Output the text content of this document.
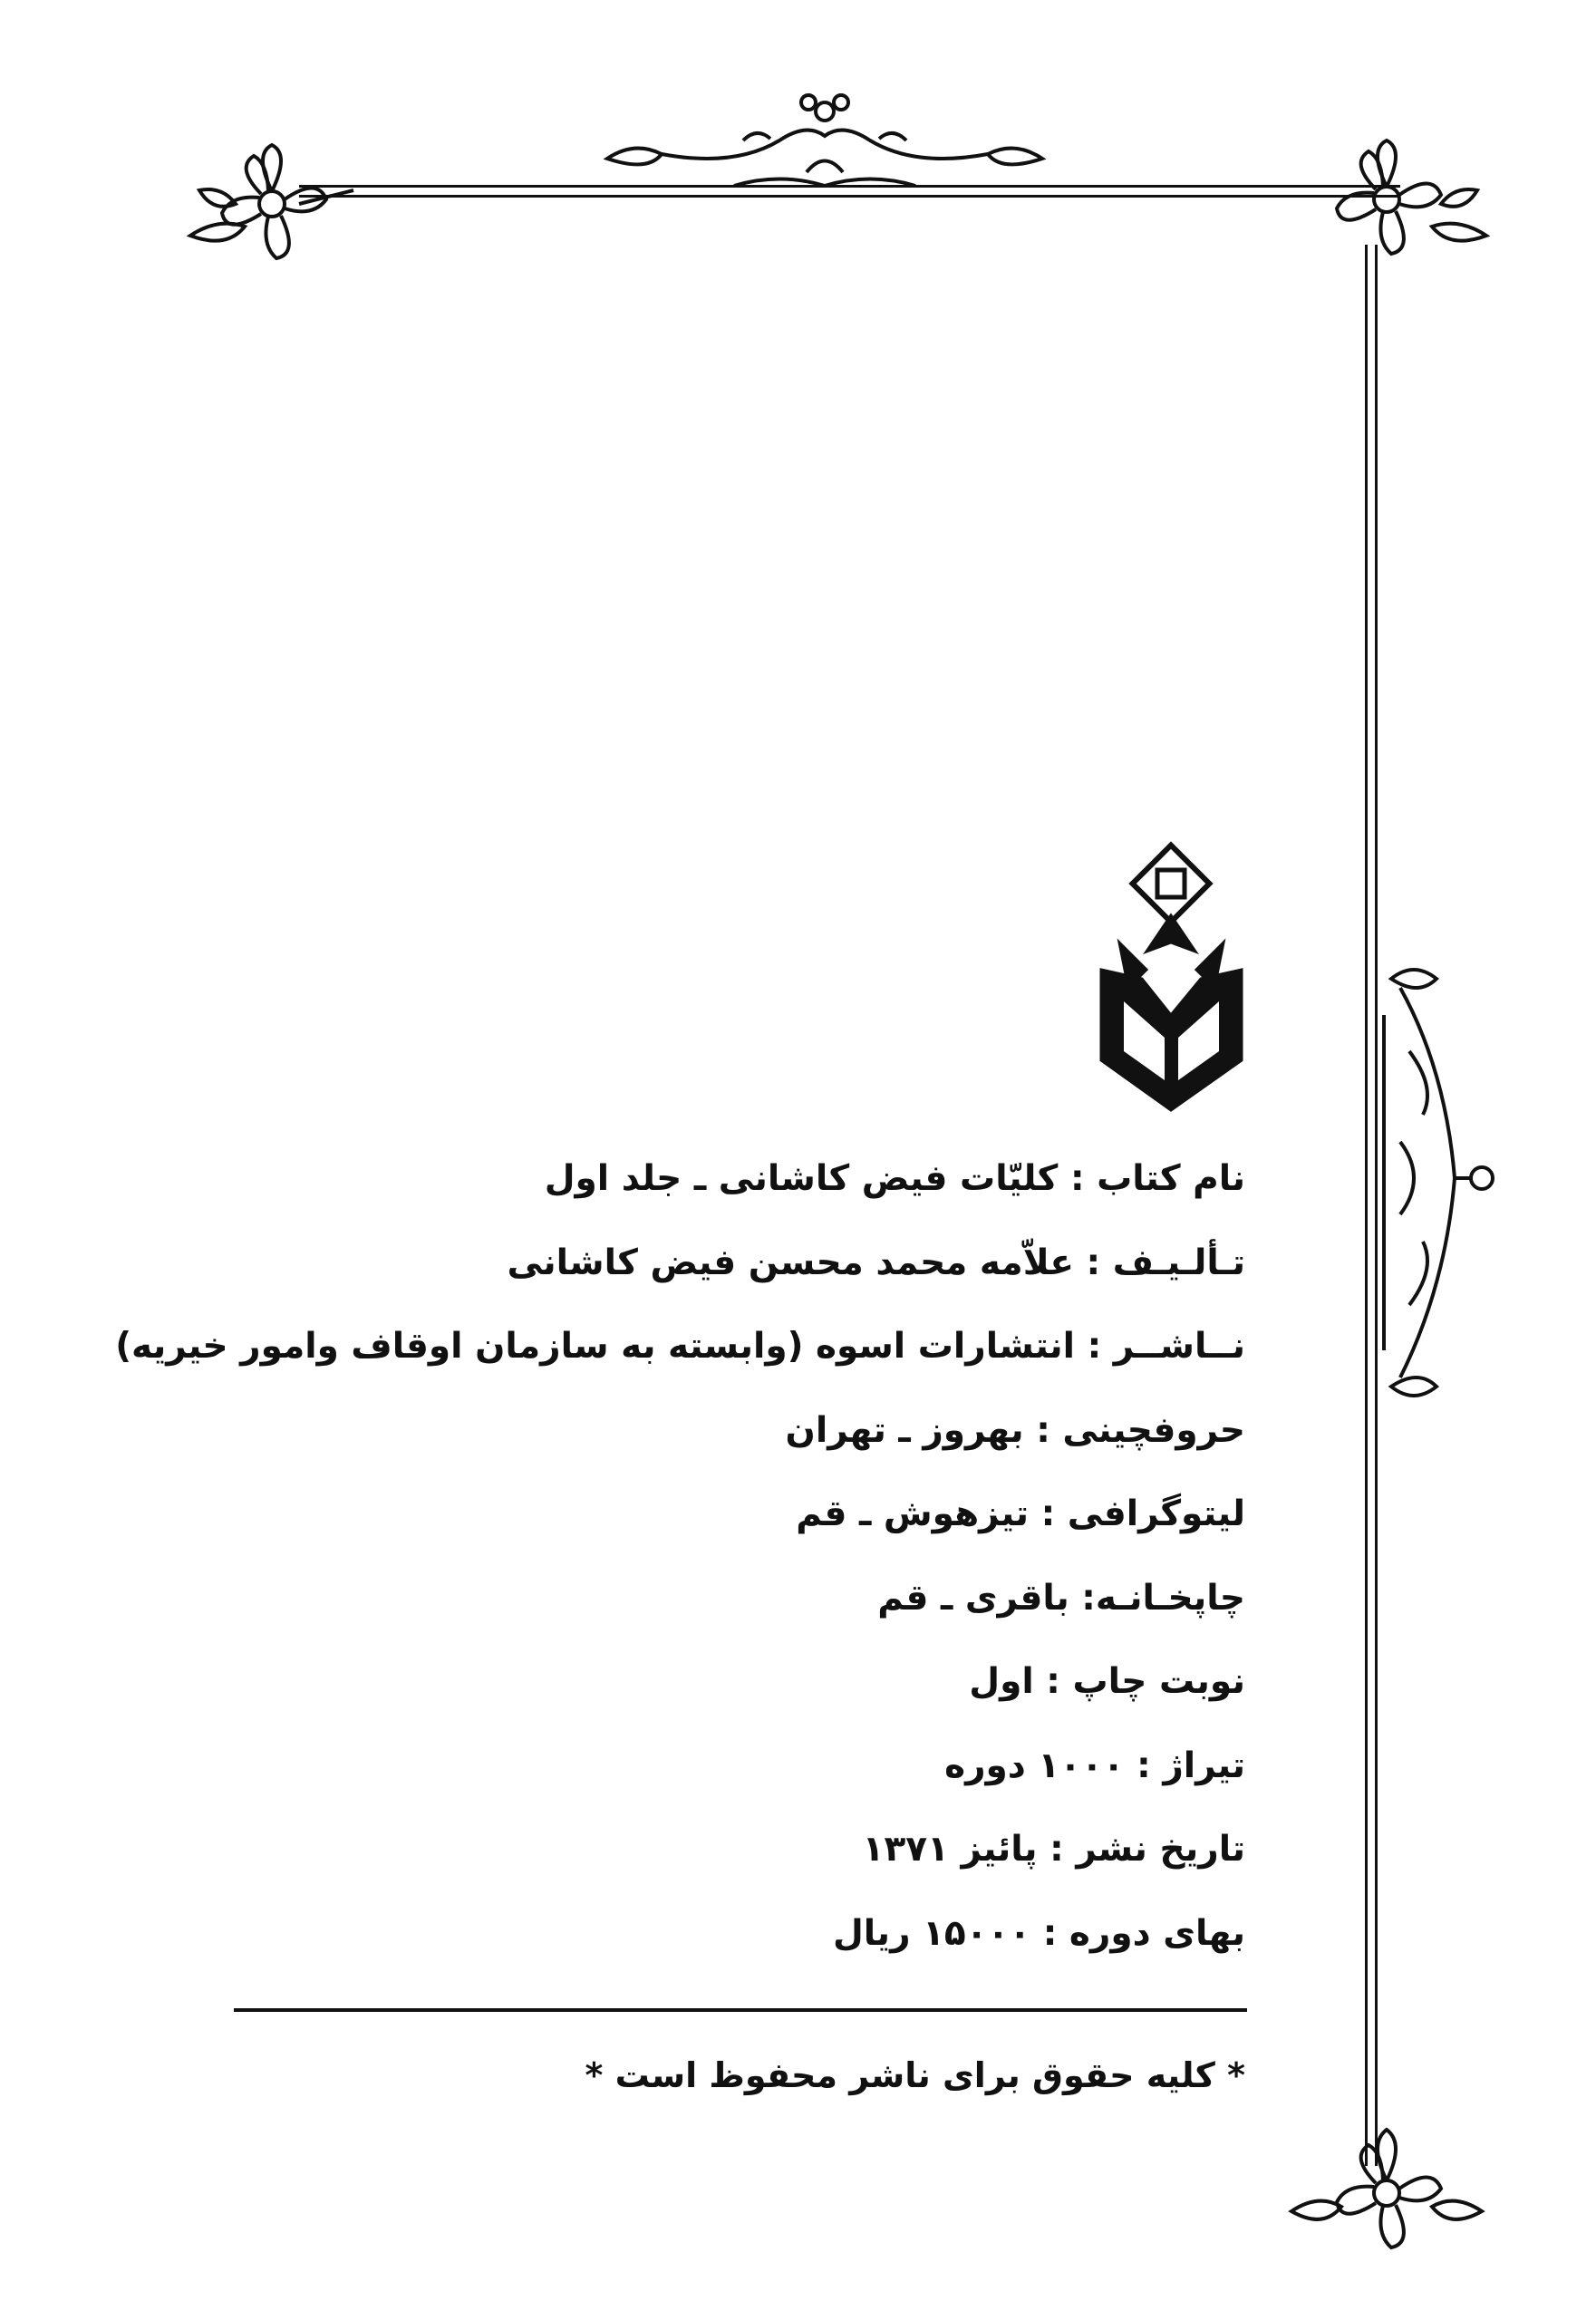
نام کتاب : کلیّات فیض کاشانی ـ جلد اول
تـألـیـف : علاّمه محمد محسن فیض کاشانی
نــاشــر : انتشارات اسوه (وابسته به سازمان اوقاف وامور خیریه)
حروفچینی : بهروز ـ تهران
لیتوگرافی : تیزهوش ـ قم
چاپخـانـه: باقری ـ قم
نوبت چاپ : اول
تیراژ : ۱۰۰۰ دوره
تاریخ نشر : پائیز ۱۳۷۱
بهای دوره : ۱۵۰۰۰ ریال
* کلیه حقوق برای ناشر محفوظ است *
